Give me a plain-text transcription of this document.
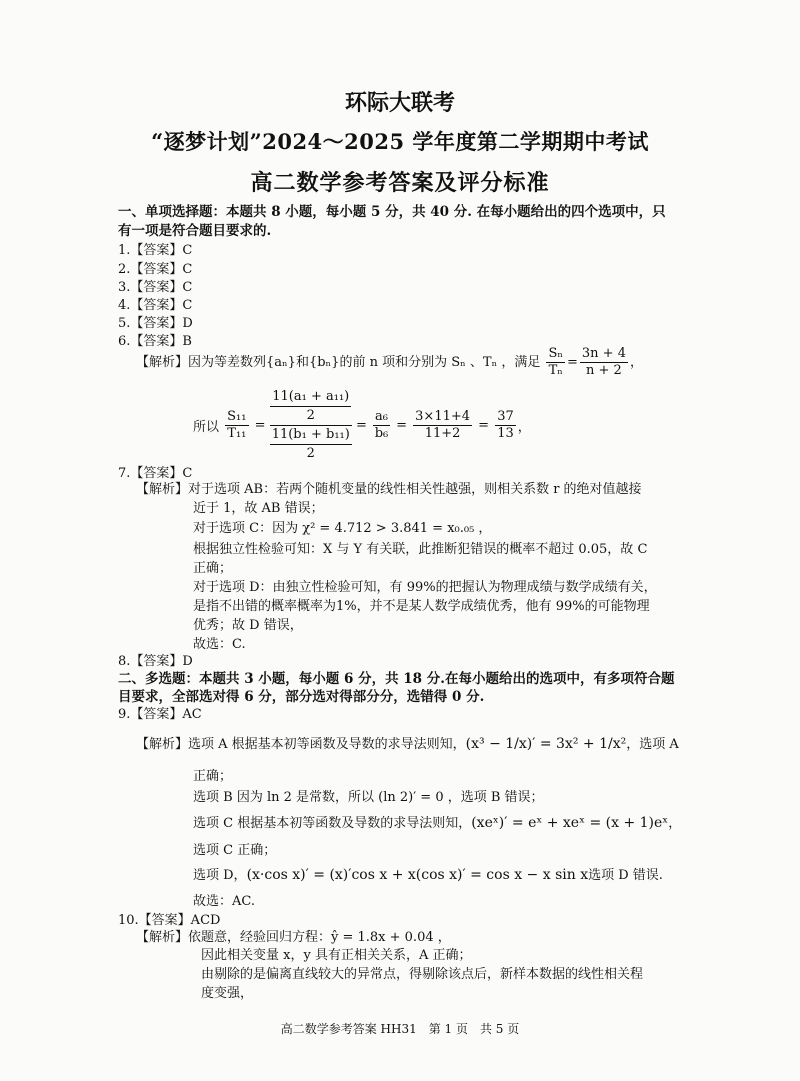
环际大联考
“逐梦计划”2024～2025 学年度第二学期期中考试
高二数学参考答案及评分标准
一、单项选择题：本题共 8 小题，每小题 5 分，共 40 分. 在每小题给出的四个选项中，只
有一项是符合题目要求的.
1.【答案】C
2.【答案】C
3.【答案】C
4.【答案】C
5.【答案】D
6.【答案】B
【解析】因为等差数列{aₙ}和{bₙ}的前 n 项和分别为 Sₙ 、Tₙ ，满足 $\frac{\text{Sₙ}}{\text{Tₙ}} = \frac{3n + 4}{n + 2}$ ，
所以 $\frac{\text{S₁₁}}{\text{T₁₁}} = \frac{\frac{\text{11(a₁ + a₁₁)}}{2}}{\frac{\text{11(b₁ + b₁₁)}}{2}} = \frac{\text{a₆}}{\text{b₆}} = \frac{3\times 11+4}{11+2} = \frac{37}{13}$ ，
7.【答案】C
【解析】对于选项 AB：若两个随机变量的线性相关性越强，则相关系数 r 的绝对值越接
近于 1，故 AB 错误；
对于选项 C：因为 χ² = 4.712 > 3.841 = x₀.₀₅ ，
根据独立性检验可知：X 与 Y 有关联，此推断犯错误的概率不超过 0.05，故 C
正确；
对于选项 D：由独立性检验可知，有 99%的把握认为物理成绩与数学成绩有关，
是指不出错的概率概率为1%，并不是某人数学成绩优秀，他有 99%的可能物理
优秀；故 D 错误，
故选：C.
8.【答案】D
二、多选题：本题共 3 小题，每小题 6 分，共 18 分.在每小题给出的选项中，有多项符合题
目要求，全部选对得 6 分，部分选对得部分分，选错得 0 分.
9.【答案】AC
【解析】选项 A 根据基本初等函数及导数的求导法则知，(x³ − 1/x)′ = 3x² + 1/x²，选项 A
正确；
选项 B 因为 ln 2 是常数，所以 (ln 2)′ = 0 ，选项 B 错误；
选项 C 根据基本初等函数及导数的求导法则知，(xeˣ)′ = eˣ + xeˣ = (x + 1)eˣ，
选项 C 正确；
选项 D，(x·cos x)′ = (x)′cos x + x(cos x)′ = cos x − x sin x选项 D 错误.
故选：AC.
10.【答案】ACD
【解析】依题意，经验回归方程：ŷ = 1.8x + 0.04 ，
因此相关变量 x，y 具有正相关关系，A 正确；
由剔除的是偏离直线较大的异常点，得剔除该点后，新样本数据的线性相关程
度变强，
高二数学参考答案 HH31　第 1 页　共 5 页
